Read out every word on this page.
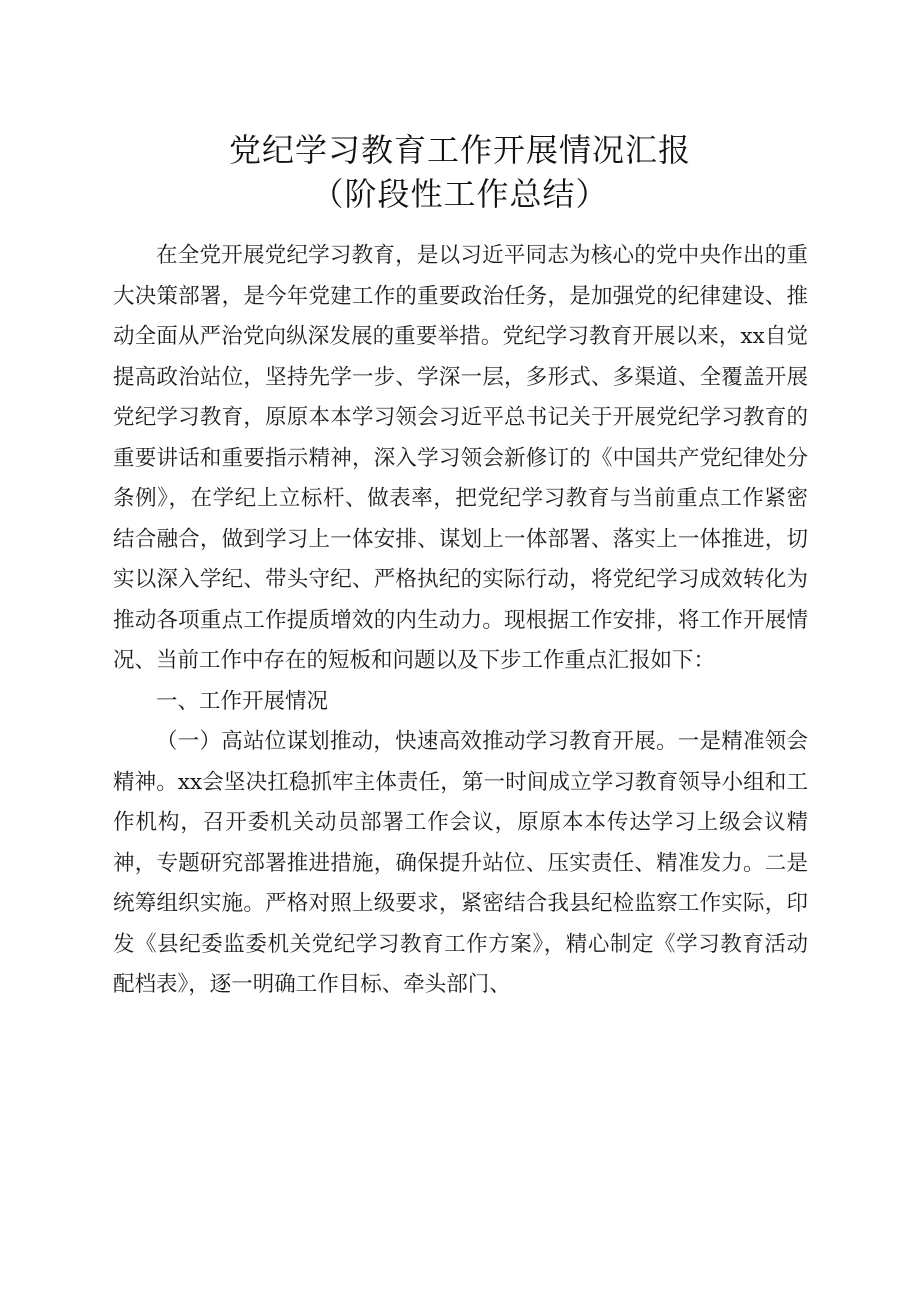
党纪学习教育工作开展情况汇报
（阶段性工作总结）

在全党开展党纪学习教育，是以习近平同志为核心的党中央作出的重大决策部署，是今年党建工作的重要政治任务，是加强党的纪律建设、推动全面从严治党向纵深发展的重要举措。党纪学习教育开展以来，xx自觉提高政治站位，坚持先学一步、学深一层，多形式、多渠道、全覆盖开展党纪学习教育，原原本本学习领会习近平总书记关于开展党纪学习教育的重要讲话和重要指示精神，深入学习领会新修订的《中国共产党纪律处分条例》，在学纪上立标杆、做表率，把党纪学习教育与当前重点工作紧密结合融合，做到学习上一体安排、谋划上一体部署、落实上一体推进，切实以深入学纪、带头守纪、严格执纪的实际行动，将党纪学习成效转化为推动各项重点工作提质增效的内生动力。现根据工作安排，将工作开展情况、当前工作中存在的短板和问题以及下步工作重点汇报如下：

一、工作开展情况

（一）高站位谋划推动，快速高效推动学习教育开展。一是精准领会精神。xx会坚决扛稳抓牢主体责任，第一时间成立学习教育领导小组和工作机构，召开委机关动员部署工作会议，原原本本传达学习上级会议精神，专题研究部署推进措施，确保提升站位、压实责任、精准发力。二是统筹组织实施。严格对照上级要求，紧密结合我县纪检监察工作实际，印发《县纪委监委机关党纪学习教育工作方案》，精心制定《学习教育活动配档表》，逐一明确工作目标、牵头部门、
